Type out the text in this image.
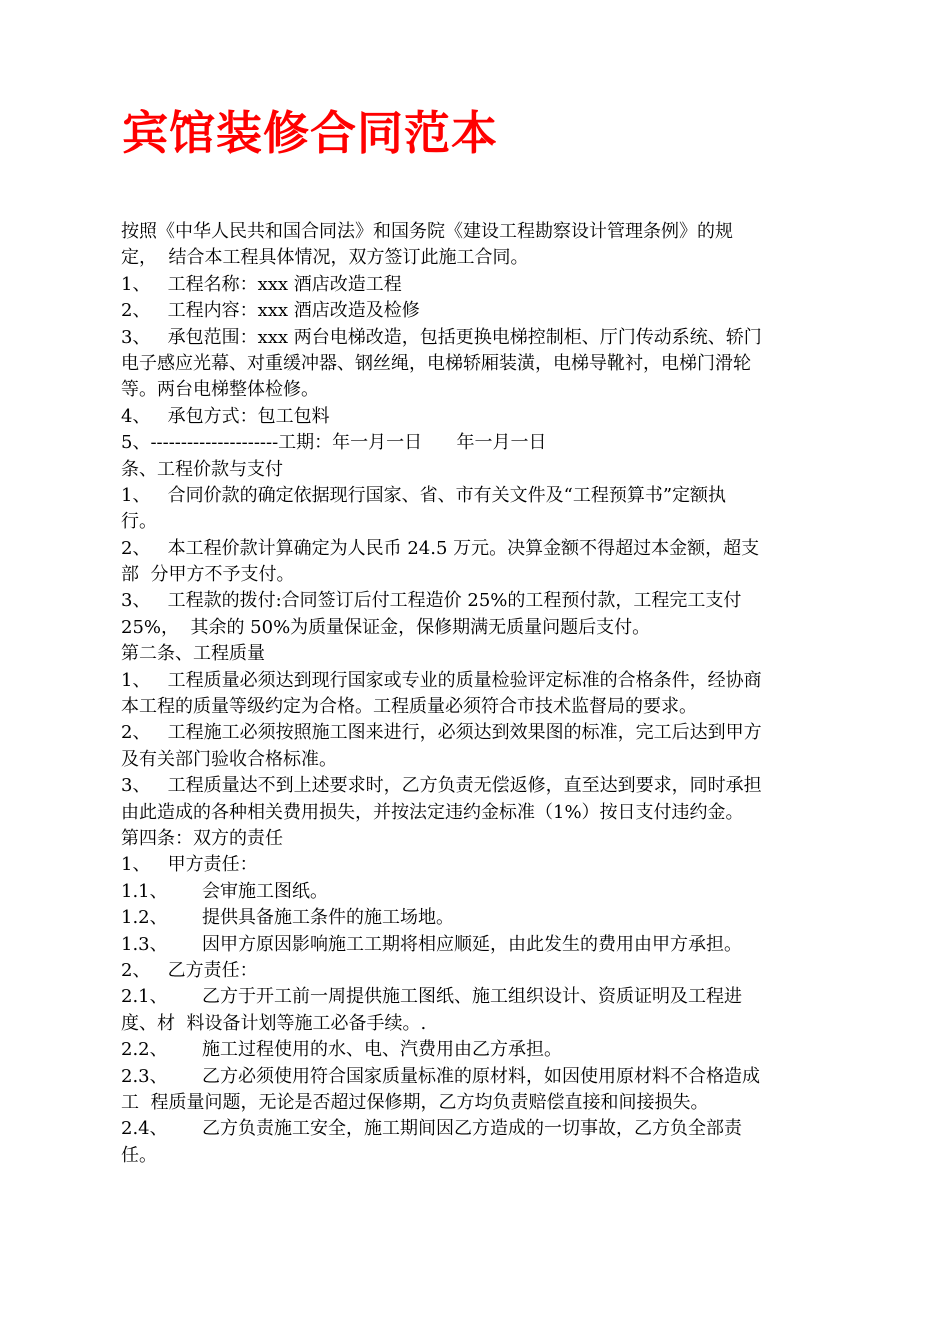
宾馆装修合同范本
按照《中华人民共和国合同法》和国务院《建设工程勘察设计管理条例》的规
定，  结合本工程具体情况，双方签订此施工合同。
1、   工程名称：xxx 酒店改造工程
2、   工程内容：xxx 酒店改造及检修
3、   承包范围：xxx 两台电梯改造，包括更换电梯控制柜、厅门传动系统、轿门
电子感应光幕、对重缓冲器、钢丝绳，电梯轿厢装潢，电梯导靴衬，电梯门滑轮
等。两台电梯整体检修。
4、   承包方式：包工包料
5、---------------------工期：年一月一日      年一月一日
条、工程价款与支付
1、   合同价款的确定依据现行国家、省、市有关文件及“工程预算书”定额执
行。
2、   本工程价款计算确定为人民币 24.5 万元。决算金额不得超过本金额，超支
部  分甲方不予支付。
3、   工程款的拨付:合同签订后付工程造价 25%的工程预付款，工程完工支付
25%，  其余的 50%为质量保证金，保修期满无质量问题后支付。
第二条、工程质量
1、   工程质量必须达到现行国家或专业的质量检验评定标准的合格条件，经协商
本工程的质量等级约定为合格。工程质量必须符合市技术监督局的要求。
2、   工程施工必须按照施工图来进行，必须达到效果图的标准，完工后达到甲方
及有关部门验收合格标准。
3、   工程质量达不到上述要求时，乙方负责无偿返修，直至达到要求，同时承担
由此造成的各种相关费用损失，并按法定违约金标准（1%）按日支付违约金。
第四条：双方的责任
1、   甲方责任：
1.1、      会审施工图纸。
1.2、      提供具备施工条件的施工场地。
1.3、      因甲方原因影响施工工期将相应顺延，由此发生的费用由甲方承担。
2、   乙方责任：
2.1、      乙方于开工前一周提供施工图纸、施工组织设计、资质证明及工程进
度、材  料设备计划等施工必备手续。.
2.2、      施工过程使用的水、电、汽费用由乙方承担。
2.3、      乙方必须使用符合国家质量标准的原材料，如因使用原材料不合格造成
工  程质量问题，无论是否超过保修期，乙方均负责赔偿直接和间接损失。
2.4、      乙方负责施工安全，施工期间因乙方造成的一切事故，乙方负全部责
任。
